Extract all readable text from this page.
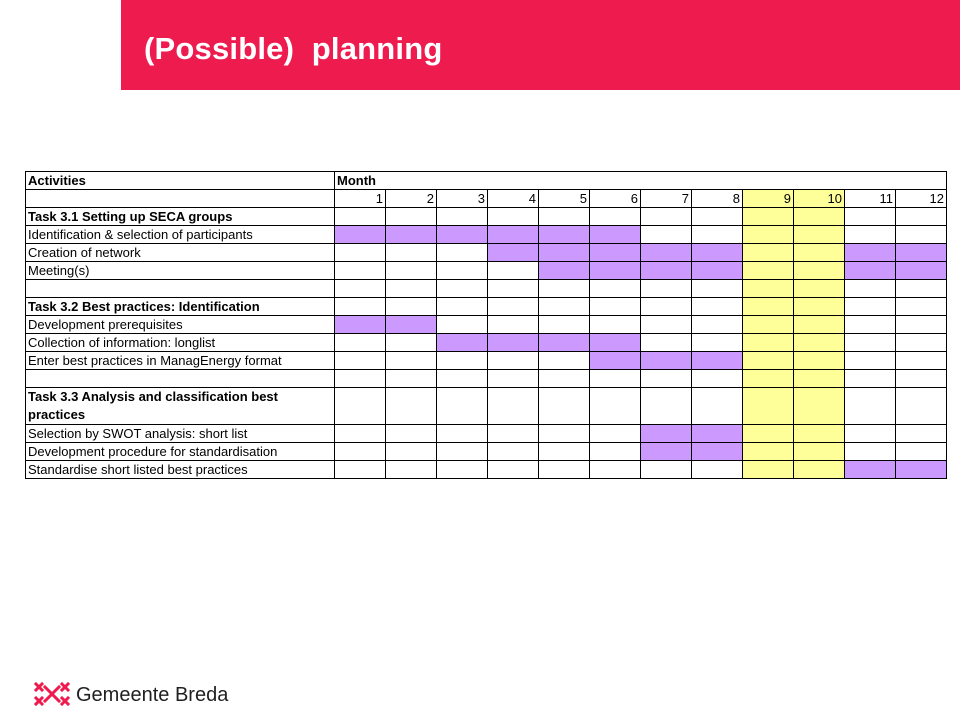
(Possible)  planning
Activities	Month											
	1	2	3	4	5	6	7	8	9	10	11	12
Task 3.1 Setting up SECA groups												
Identification & selection of participants												
Creation of network												
Meeting(s)												

Task 3.2 Best practices: Identification												
Development prerequisites												
Collection of information: longlist												
Enter best practices in ManagEnergy format												

Task 3.3 Analysis and classification best practices												
Selection by SWOT analysis: short list												
Development procedure for standardisation												
Standardise short listed best practices												
Gemeente Breda
